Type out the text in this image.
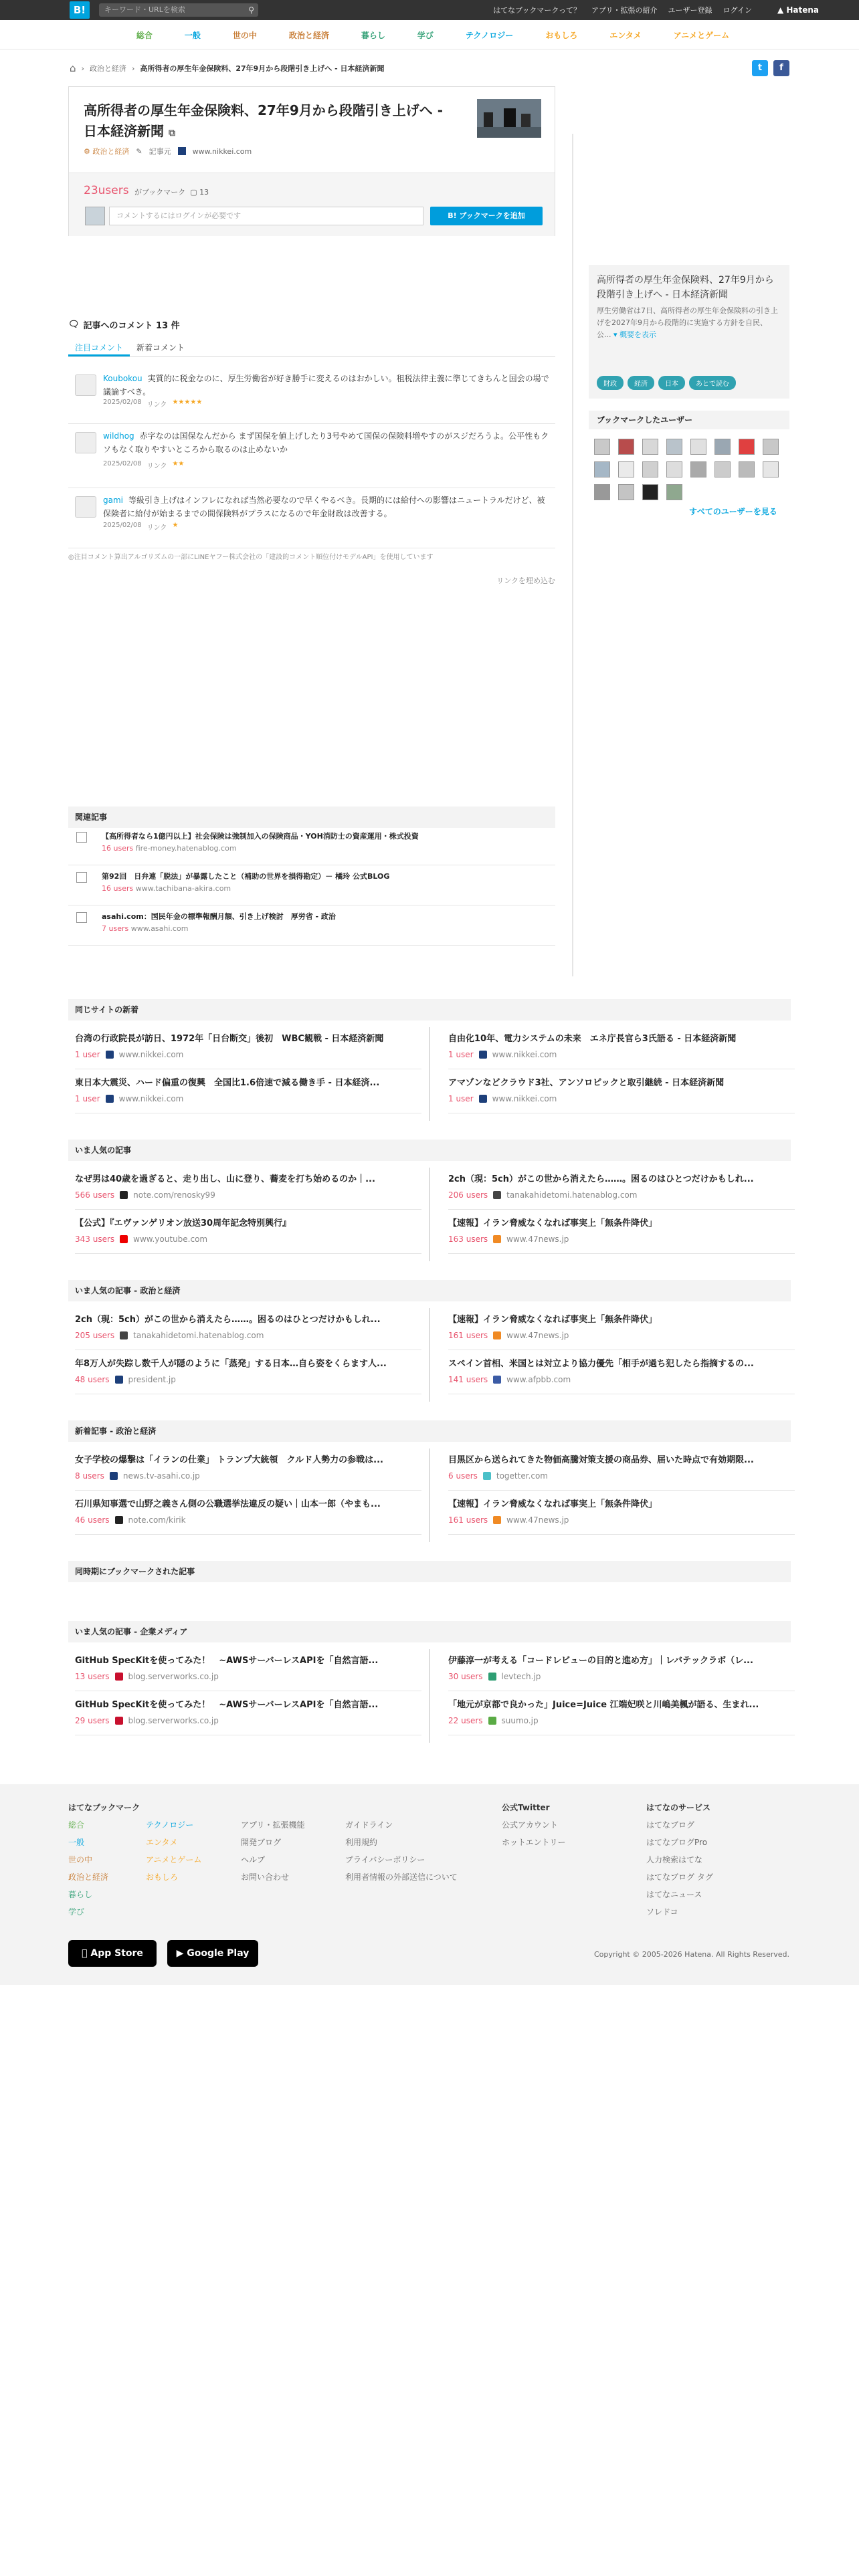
B!	キーワード・URLを検索	⚲	はてなブックマークって？ アプリ・拡張の紹介 ユーザー登録 ログイン	▲ Hatena
総合	一般	世の中	政治と経済	暮らし	学び	テクノロジー	おもしろ	エンタメ	アニメとゲーム
⌂ › 政治と経済 › 高所得者の厚生年金保険料、27年9月から段階引き上げへ - 日本経済新聞	t	f
高所得者の厚生年金保険料、27年9月から段階引き上げへ - 日本経済新聞 ⧉
⚙ 政治と経済 ✎ 記事元	www.nikkei.com
23users がブックマーク ▢ 13
コメントするにはログインが必要です	B! ブックマークを追加
高所得者の厚生年金保険料、27年9月から段階引き上げへ - 日本経済新聞
厚生労働省は7日、高所得者の厚生年金保険料の引き上げを2027年9月から段階的に実施する方針を自民、公... ▾ 概要を表示
財政	経済	日本	あとで読む
ブックマークしたユーザー
すべてのユーザーを見る
🗨 記事へのコメント 13 件
注目コメント	新着コメント
Koubokou 実質的に税金なのに、厚生労働省が好き勝手に変えるのはおかしい。租税法律主義に準じてきちんと国会の場で議論すべき。
2025/02/08 リンク ★★★★★
wildhog 赤字なのは国保なんだから まず国保を値上げしたり3号やめて国保の保険料増やすのがスジだろうよ。公平性もクソもなく取りやすいところから取るのは止めないか
2025/02/08 リンク ★★
gami 等級引き上げはインフレになれば当然必要なので早くやるべき。長期的には給付への影響はニュートラルだけど、被保険者に給付が始まるまでの間保険料がプラスになるので年金財政は改善する。
2025/02/08 リンク ★
◎注目コメント算出アルゴリズムの一部にLINEヤフー株式会社の「建設的コメント順位付けモデルAPI」を使用しています
リンクを埋め込む
関連記事
【高所得者なら1億円以上】社会保険は強制加入の保険商品・YOH消防士の資産運用・株式投資
16 users fire-money.hatenablog.com
第92回　日弁連「脱法」が暴露したこと（補助の世界を損得勘定）－ 橘玲 公式BLOG
16 users www.tachibana-akira.com
asahi.com：国民年金の標準報酬月額、引き上げ検討　厚労省 - 政治
7 users www.asahi.com
同じサイトの新着
台湾の行政院長が訪日、1972年「日台断交」後初　WBC観戦 - 日本経済新聞
1 user www.nikkei.com
自由化10年、電力システムの未来　エネ庁長官ら3氏語る - 日本経済新聞
1 user www.nikkei.com
東日本大震災、ハード偏重の復興　全国比1.6倍速で減る働き手 - 日本経済...
1 user www.nikkei.com
アマゾンなどクラウド3社、アンソロピックと取引継続 - 日本経済新聞
1 user www.nikkei.com
いま人気の記事
なぜ男は40歳を過ぎると、走り出し、山に登り、蕎麦を打ち始めるのか｜...
566 users note.com/renosky99
2ch（現：5ch）がこの世から消えたら……。困るのはひとつだけかもしれ...
206 users tanakahidetomi.hatenablog.com
【公式】『エヴァンゲリオン放送30周年記念特別興行』
343 users www.youtube.com
【速報】イラン脅威なくなれば事実上「無条件降伏」
163 users www.47news.jp
いま人気の記事 - 政治と経済
2ch（現：5ch）がこの世から消えたら……。困るのはひとつだけかもしれ...
205 users tanakahidetomi.hatenablog.com
【速報】イラン脅威なくなれば事実上「無条件降伏」
161 users www.47news.jp
年8万人が失踪し数千人が隠のように「蒸発」する日本…自ら姿をくらます人...
48 users president.jp
スペイン首相、米国とは対立より協力優先「相手が過ち犯したら指摘するの...
141 users www.afpbb.com
新着記事 - 政治と経済
女子学校の爆撃は「イランの仕業」 トランプ大統領　クルド人勢力の参戦は...
8 users news.tv-asahi.co.jp
目黒区から送られてきた物価高騰対策支援の商品券、届いた時点で有効期限...
6 users togetter.com
石川県知事選で山野之義さん側の公職選挙法違反の疑い｜山本一郎（やまも...
46 users note.com/kirik
【速報】イラン脅威なくなれば事実上「無条件降伏」
161 users www.47news.jp
同時期にブックマークされた記事
いま人気の記事 - 企業メディア
GitHub SpecKitを使ってみた！　~AWSサーバーレスAPIを「自然言語...
13 users blog.serverworks.co.jp
伊藤淳一が考える「コードレビューの目的と進め方」｜レバテックラボ（レ...
30 users levtech.jp
GitHub SpecKitを使ってみた！　~AWSサーバーレスAPIを「自然言語...
29 users blog.serverworks.co.jp
「地元が京都で良かった」Juice=Juice 江端妃咲と川嶋美楓が語る、生まれ...
22 users suumo.jp
はてなブックマーク
総合
一般
世の中
政治と経済
暮らし
学び
テクノロジー
エンタメ
アニメとゲーム
おもしろ
アプリ・拡張機能
開発ブログ
ヘルプ
お問い合わせ
ガイドライン
利用規約
プライバシーポリシー
利用者情報の外部送信について
公式Twitter
公式アカウント
ホットエントリー
はてなのサービス
はてなブログ
はてなブログPro
人力検索はてな
はてなブログ タグ
はてなニュース
ソレドコ
App Store	▶ Google Play	Copyright © 2005-2026 Hatena. All Rights Reserved.
